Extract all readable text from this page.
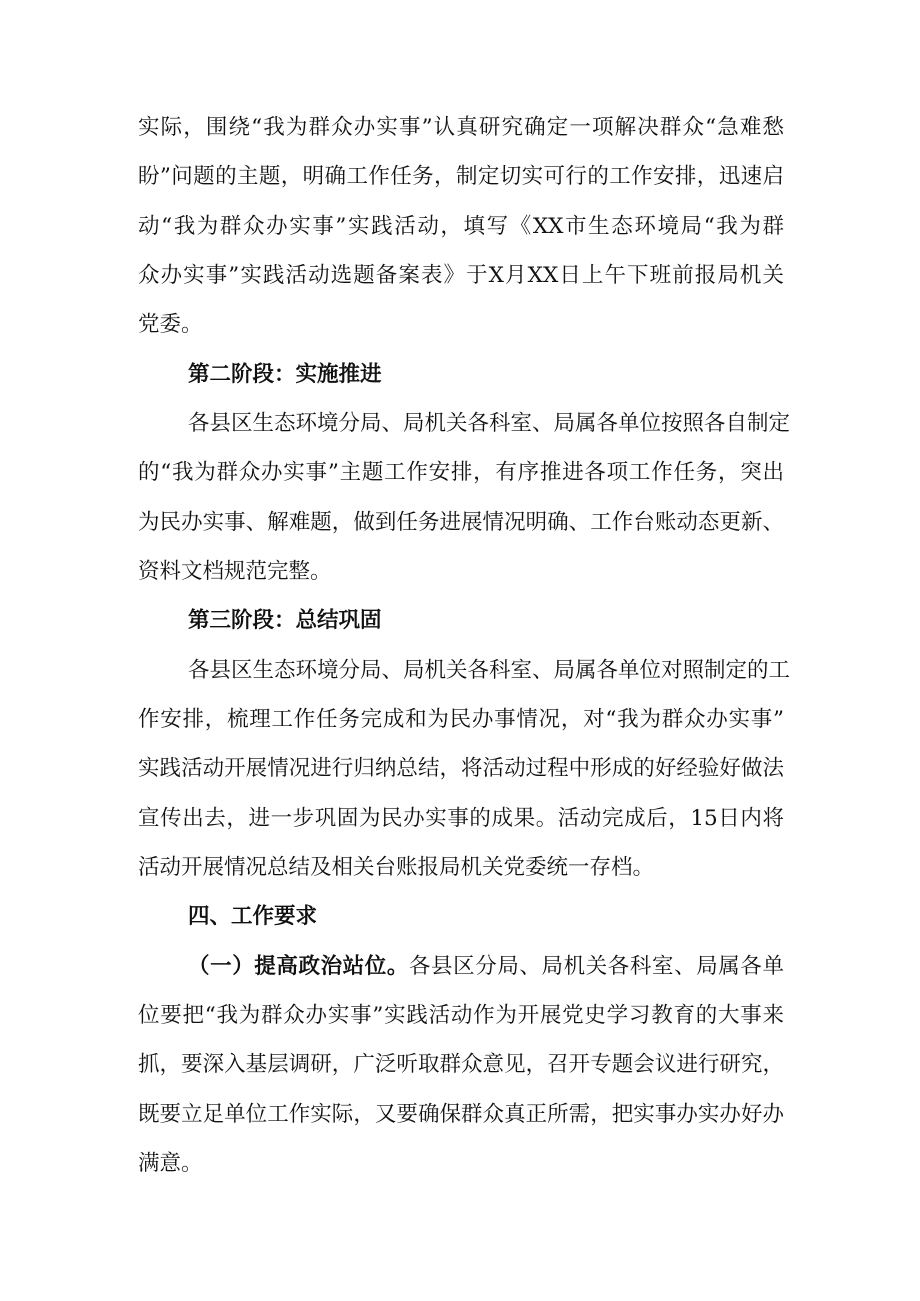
实际，围绕“我为群众办实事”认真研究确定一项解决群众“急难愁
盼”问题的主题，明确工作任务，制定切实可行的工作安排，迅速启
动“我为群众办实事”实践活动，填写《XX市生态环境局“我为群
众办实事”实践活动选题备案表》于X月XX日上午下班前报局机关
党委。
第二阶段：实施推进
各县区生态环境分局、局机关各科室、局属各单位按照各自制定
的“我为群众办实事”主题工作安排，有序推进各项工作任务，突出
为民办实事、解难题，做到任务进展情况明确、工作台账动态更新、
资料文档规范完整。
第三阶段：总结巩固
各县区生态环境分局、局机关各科室、局属各单位对照制定的工
作安排，梳理工作任务完成和为民办事情况，对“我为群众办实事”
实践活动开展情况进行归纳总结，将活动过程中形成的好经验好做法
宣传出去，进一步巩固为民办实事的成果。活动完成后，15日内将
活动开展情况总结及相关台账报局机关党委统一存档。
四、工作要求
（一）提高政治站位。各县区分局、局机关各科室、局属各单
位要把“我为群众办实事”实践活动作为开展党史学习教育的大事来
抓，要深入基层调研，广泛听取群众意见，召开专题会议进行研究，
既要立足单位工作实际，又要确保群众真正所需，把实事办实办好办
满意。
